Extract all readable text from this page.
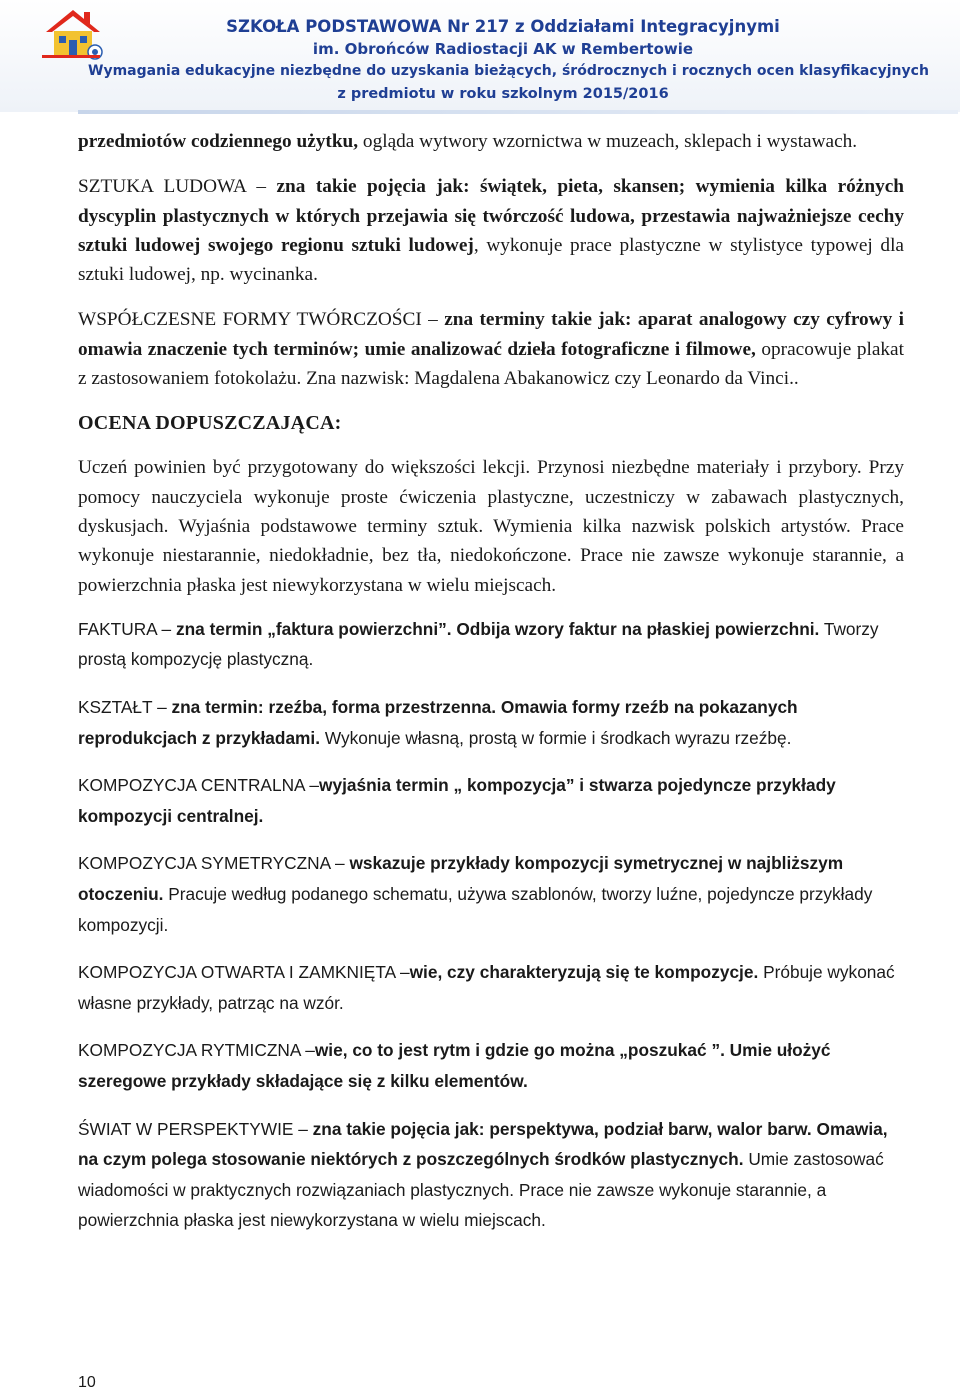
SZKOŁA PODSTAWOWA Nr 217 z Oddziałami Integracyjnymi
im. Obrońców Radiostacji AK w Rembertowie
Wymagania edukacyjne niezbędne do uzyskania bieżących, śródrocznych i rocznych ocen klasyfikacyjnych
z predmiotu w roku szkolnym 2015/2016

przedmiotów codziennego użytku, ogląda wytwory wzornictwa w muzeach, sklepach i wystawach.

SZTUKA LUDOWA – zna takie pojęcia jak: świątek, pieta, skansen; wymienia kilka różnych dyscyplin plastycznych w których przejawia się twórczość ludowa, przestawia najważniejsze cechy sztuki ludowej swojego regionu sztuki ludowej, wykonuje prace plastyczne w stylistyce typowej dla sztuki ludowej, np. wycinanka.

WSPÓŁCZESNE FORMY TWÓRCZOŚCI – zna terminy takie jak: aparat analogowy czy cyfrowy i omawia znaczenie tych terminów; umie analizować dzieła fotograficzne i filmowe, opracowuje plakat z zastosowaniem fotokolażu. Zna nazwisk: Magdalena Abakanowicz czy Leonardo da Vinci..

OCENA DOPUSZCZAJĄCA:

Uczeń powinien być przygotowany do większości lekcji. Przynosi niezbędne materiały i przybory. Przy pomocy nauczyciela wykonuje proste ćwiczenia plastyczne, uczestniczy w zabawach plastycznych, dyskusjach. Wyjaśnia podstawowe terminy sztuk. Wymienia kilka nazwisk polskich artystów. Prace wykonuje niestarannie, niedokładnie, bez tła, niedokończone. Prace nie zawsze wykonuje starannie, a powierzchnia płaska jest niewykorzystana w wielu miejscach.

FAKTURA – zna termin „faktura powierzchni”. Odbija wzory faktur na płaskiej powierzchni. Tworzy prostą kompozycję plastyczną.

KSZTAŁT – zna termin: rzeźba, forma przestrzenna. Omawia formy rzeźb na pokazanych reprodukcjach z przykładami. Wykonuje własną, prostą w formie i środkach wyrazu rzeźbę.

KOMPOZYCJA CENTRALNA –wyjaśnia termin „ kompozycja” i stwarza pojedyncze przykłady kompozycji centralnej.

KOMPOZYCJA SYMETRYCZNA – wskazuje przykłady kompozycji symetrycznej w najbliższym otoczeniu. Pracuje według podanego schematu, używa szablonów, tworzy luźne, pojedyncze przykłady kompozycji.

KOMPOZYCJA OTWARTA I ZAMKNIĘTA –wie, czy charakteryzują się te kompozycje. Próbuje wykonać własne przykłady, patrząc na wzór.

KOMPOZYCJA RYTMICZNA –wie, co to jest rytm i gdzie go można „poszukać ”. Umie ułożyć szeregowe przykłady składające się z kilku elementów.

ŚWIAT W PERSPEKTYWIE – zna takie pojęcia jak: perspektywa, podział barw, walor barw. Omawia, na czym polega stosowanie niektórych z poszczególnych środków plastycznych. Umie zastosować wiadomości w praktycznych rozwiązaniach plastycznych. Prace nie zawsze wykonuje starannie, a powierzchnia płaska jest niewykorzystana w wielu miejscach.

10
